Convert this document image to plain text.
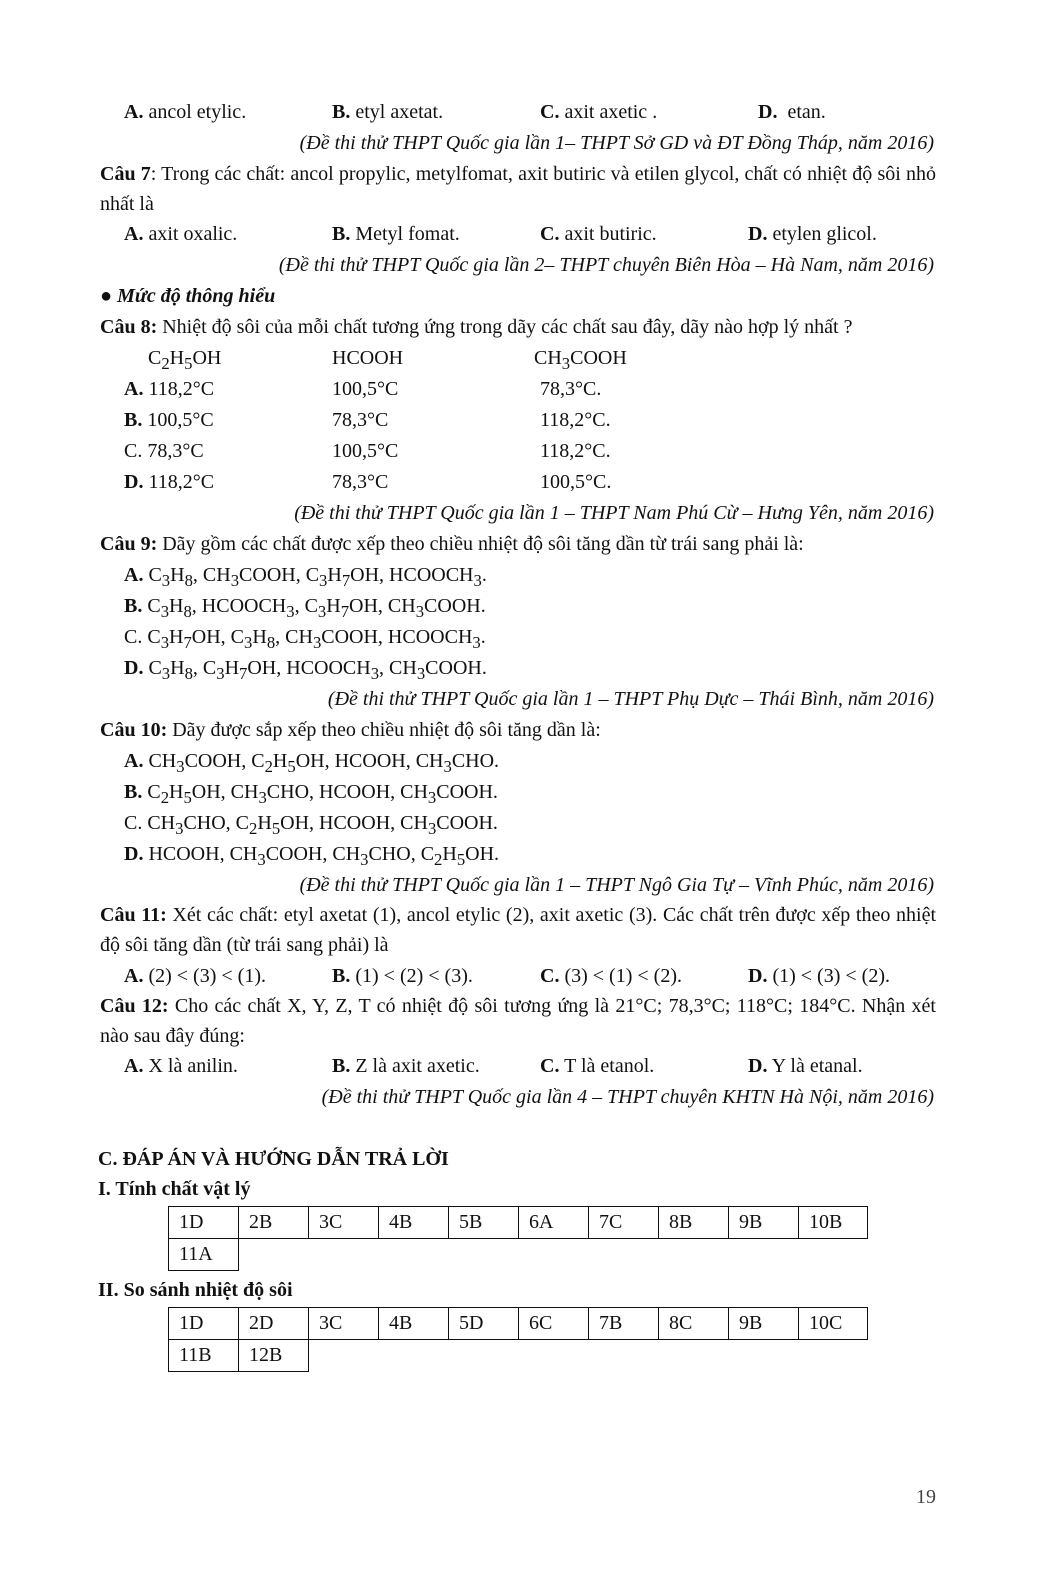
A. ancol etylic.	B. etyl axetat.	C. axit axetic .	D. etan.
(Đề thi thử THPT Quốc gia lần 1– THPT Sở GD và ĐT Đồng Tháp, năm 2016)
Câu 7: Trong các chất: ancol propylic, metylfomat, axit butiric và etilen glycol, chất có nhiệt độ sôi nhỏ nhất là
A. axit oxalic.	B. Metyl fomat.	C. axit butiric.	D. etylen glicol.
(Đề thi thử THPT Quốc gia lần 2– THPT chuyên Biên Hòa – Hà Nam, năm 2016)
● Mức độ thông hiểu
Câu 8: Nhiệt độ sôi của mỗi chất tương ứng trong dãy các chất sau đây, dãy nào hợp lý nhất ?
$C_2H_5OH$	HCOOH	$CH_3COOH$
A. 118,2°C	100,5°C	78,3°C.
B. 100,5°C	78,3°C	118,2°C.
C. 78,3°C	100,5°C	118,2°C.
D. 118,2°C	78,3°C	100,5°C.
(Đề thi thử THPT Quốc gia lần 1 – THPT Nam Phú Cừ – Hưng Yên, năm 2016)
Câu 9: Dãy gồm các chất được xếp theo chiều nhiệt độ sôi tăng dần từ trái sang phải là:
A. $C_3H_8$, $CH_3COOH$, $C_3H_7OH$, $HCOOCH_3$.
B. $C_3H_8$, $HCOOCH_3$, $C_3H_7OH$, $CH_3COOH$.
C. $C_3H_7OH$, $C_3H_8$, $CH_3COOH$, $HCOOCH_3$.
D. $C_3H_8$, $C_3H_7OH$, $HCOOCH_3$, $CH_3COOH$.
(Đề thi thử THPT Quốc gia lần 1 – THPT Phụ Dực – Thái Bình, năm 2016)
Câu 10: Dãy được sắp xếp theo chiều nhiệt độ sôi tăng dần là:
A. $CH_3COOH$, $C_2H_5OH$, HCOOH, $CH_3CHO$.
B. $C_2H_5OH$, $CH_3CHO$, HCOOH, $CH_3COOH$.
C. $CH_3CHO$, $C_2H_5OH$, HCOOH, $CH_3COOH$.
D. HCOOH, $CH_3COOH$, $CH_3CHO$, $C_2H_5OH$.
(Đề thi thử THPT Quốc gia lần 1 – THPT Ngô Gia Tự – Vĩnh Phúc, năm 2016)
Câu 11: Xét các chất: etyl axetat (1), ancol etylic (2), axit axetic (3). Các chất trên được xếp theo nhiệt độ sôi tăng dần (từ trái sang phải) là
A. (2) < (3) < (1).	B. (1) < (2) < (3).	C. (3) < (1) < (2).	D. (1) < (3) < (2).
Câu 12: Cho các chất X, Y, Z, T có nhiệt độ sôi tương ứng là 21°C; 78,3°C; 118°C; 184°C. Nhận xét nào sau đây đúng:
A. X là anilin.	B. Z là axit axetic.	C. T là etanol.	D. Y là etanal.
(Đề thi thử THPT Quốc gia lần 4 – THPT chuyên KHTN Hà Nội, năm 2016)
C. ĐÁP ÁN VÀ HƯỚNG DẪN TRẢ LỜI
I. Tính chất vật lý
1D	2B	3C	4B	5B	6A	7C	8B	9B	10B
11A									
II. So sánh nhiệt độ sôi
1D	2D	3C	4B	5D	6C	7B	8C	9B	10C
11B	12B								
19
